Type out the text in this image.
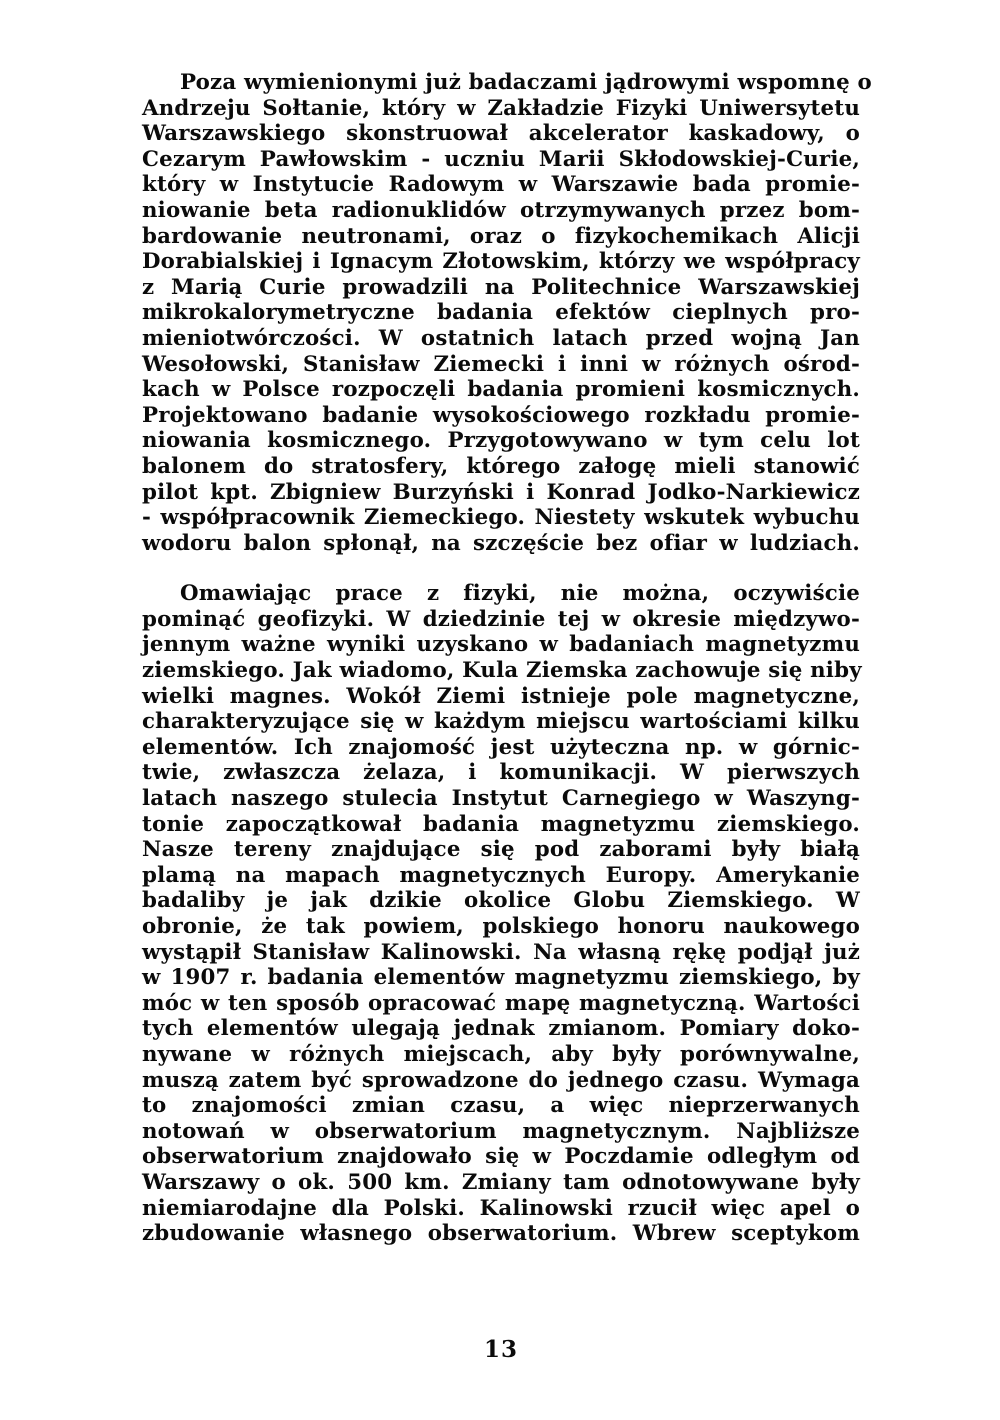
Poza wymienionymi już badaczami jądrowymi wspomnę o
Andrzeju Sołtanie, który w Zakładzie Fizyki Uniwersytetu
Warszawskiego skonstruował akcelerator kaskadowy, o
Cezarym Pawłowskim - uczniu Marii Skłodowskiej-Curie,
który w Instytucie Radowym w Warszawie bada promie-
niowanie beta radionuklidów otrzymywanych przez bom-
bardowanie neutronami, oraz o fizykochemikach Alicji
Dorabialskiej i Ignacym Złotowskim, którzy we współpracy
z Marią Curie prowadzili na Politechnice Warszawskiej
mikrokalorymetryczne badania efektów cieplnych pro-
mieniotwórczości. W ostatnich latach przed wojną Jan
Wesołowski, Stanisław Ziemecki i inni w różnych ośrod-
kach w Polsce rozpoczęli badania promieni kosmicznych.
Projektowano badanie wysokościowego rozkładu promie-
niowania kosmicznego. Przygotowywano w tym celu lot
balonem do stratosfery, którego załogę mieli stanowić
pilot kpt. Zbigniew Burzyński i Konrad Jodko-Narkiewicz
- współpracownik Ziemeckiego. Niestety wskutek wybuchu
wodoru balon spłonął, na szczęście bez ofiar w ludziach.
Omawiając prace z fizyki, nie można, oczywiście
pominąć geofizyki. W dziedzinie tej w okresie międzywo-
jennym ważne wyniki uzyskano w badaniach magnetyzmu
ziemskiego. Jak wiadomo, Kula Ziemska zachowuje się niby
wielki magnes. Wokół Ziemi istnieje pole magnetyczne,
charakteryzujące się w każdym miejscu wartościami kilku
elementów. Ich znajomość jest użyteczna np. w górnic-
twie, zwłaszcza żelaza, i komunikacji. W pierwszych
latach naszego stulecia Instytut Carnegiego w Waszyng-
tonie zapoczątkował badania magnetyzmu ziemskiego.
Nasze tereny znajdujące się pod zaborami były białą
plamą na mapach magnetycznych Europy. Amerykanie
badaliby je jak dzikie okolice Globu Ziemskiego. W
obronie, że tak powiem, polskiego honoru naukowego
wystąpił Stanisław Kalinowski. Na własną rękę podjął już
w 1907 r. badania elementów magnetyzmu ziemskiego, by
móc w ten sposób opracować mapę magnetyczną. Wartości
tych elementów ulegają jednak zmianom. Pomiary doko-
nywane w różnych miejscach, aby były porównywalne,
muszą zatem być sprowadzone do jednego czasu. Wymaga
to znajomości zmian czasu, a więc nieprzerwanych
notowań w obserwatorium magnetycznym. Najbliższe
obserwatorium znajdowało się w Poczdamie odległym od
Warszawy o ok. 500 km. Zmiany tam odnotowywane były
niemiarodajne dla Polski. Kalinowski rzucił więc apel o
zbudowanie własnego obserwatorium. Wbrew sceptykom
13
